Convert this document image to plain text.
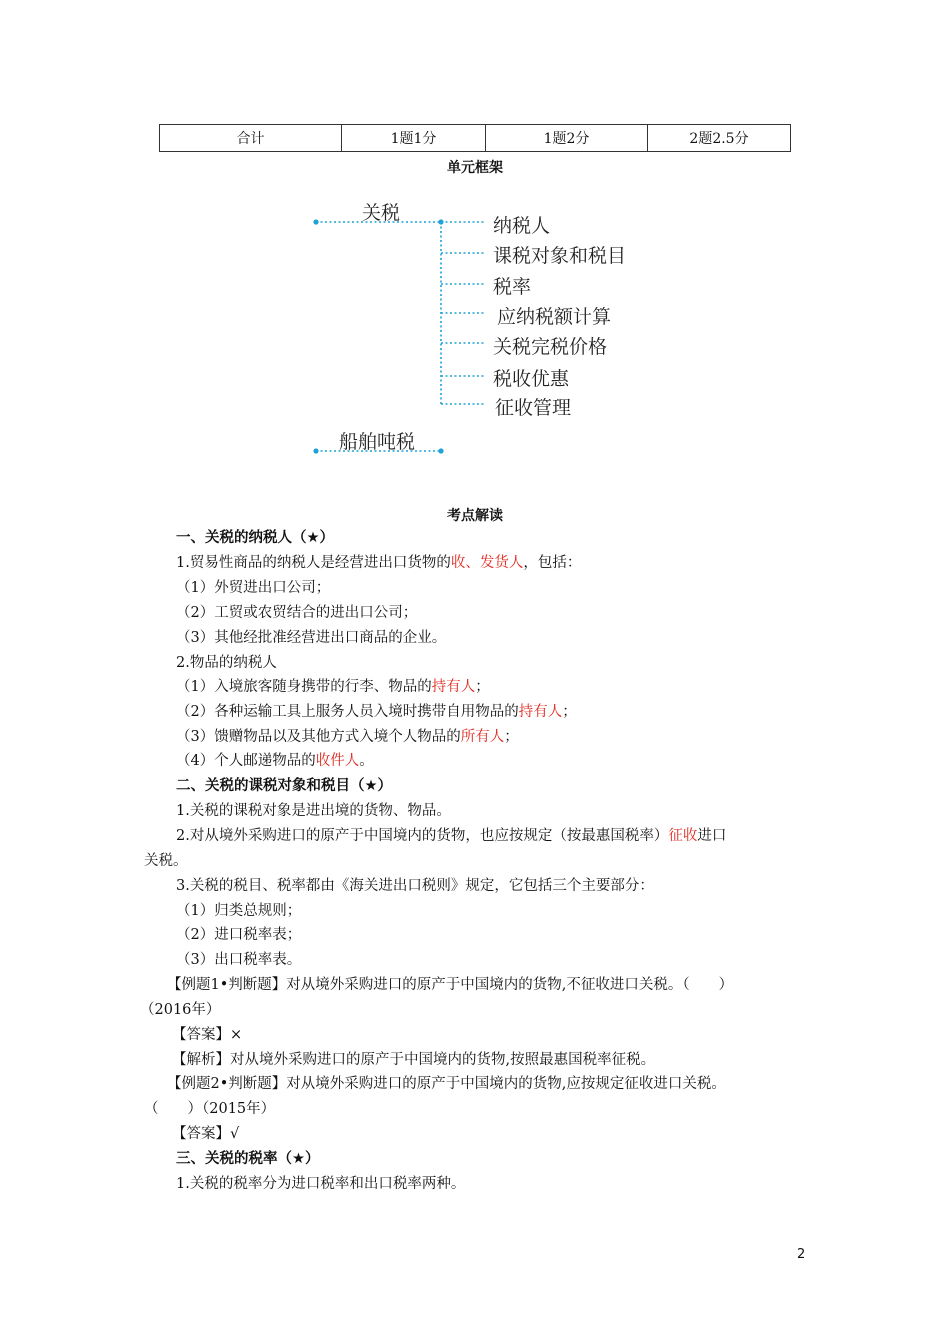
合计	1题1分	1题2分	2题2.5分
单元框架
关税
纳税人
课税对象和税目
税率
应纳税额计算
关税完税价格
税收优惠
征收管理
船舶吨税
考点解读
一、关税的纳税人（★）
1.贸易性商品的纳税人是经营进出口货物的收、发货人，包括：
（1）外贸进出口公司；
（2）工贸或农贸结合的进出口公司；
（3）其他经批准经营进出口商品的企业。
2.物品的纳税人
（1）入境旅客随身携带的行李、物品的持有人；
（2）各种运输工具上服务人员入境时携带自用物品的持有人；
（3）馈赠物品以及其他方式入境个人物品的所有人；
（4）个人邮递物品的收件人。
二、关税的课税对象和税目（★）
1.关税的课税对象是进出境的货物、物品。
2.对从境外采购进口的原产于中国境内的货物，也应按规定（按最惠国税率）征收进口
关税。
3.关税的税目、税率都由《海关进出口税则》规定，它包括三个主要部分：
（1）归类总规则；
（2）进口税率表；
（3）出口税率表。
【例题1•判断题】对从境外采购进口的原产于中国境内的货物,不征收进口关税。（　　）
（2016年）
【答案】×
【解析】对从境外采购进口的原产于中国境内的货物,按照最惠国税率征税。
【例题2•判断题】对从境外采购进口的原产于中国境内的货物,应按规定征收进口关税。
（　　）（2015年）
【答案】√
三、关税的税率（★）
1.关税的税率分为进口税率和出口税率两种。
2
